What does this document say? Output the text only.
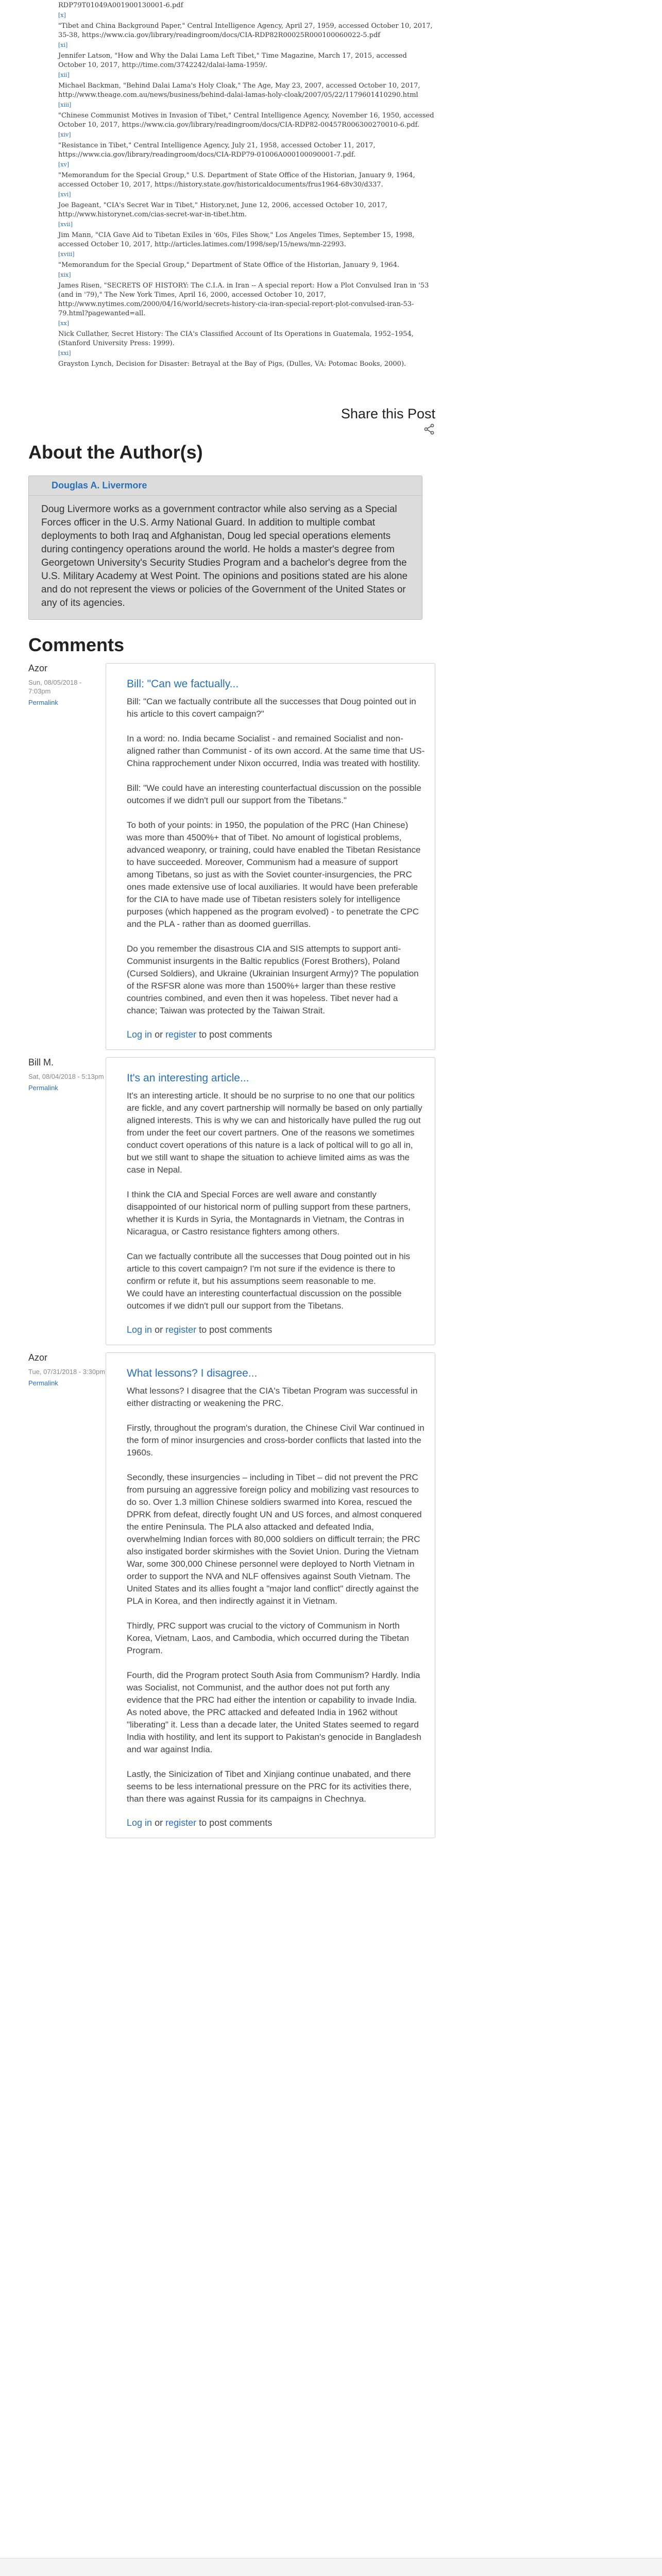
RDP79T01049A001900130001-6.pdf
[x]
"Tibet and China Background Paper," Central Intelligence Agency, April 27, 1959, accessed October 10, 2017, 35-38, https://www.cia.gov/library/readingroom/docs/CIA-RDP82R00025R000100060022-5.pdf
[xi]
Jennifer Latson, "How and Why the Dalai Lama Left Tibet," Time Magazine, March 17, 2015, accessed October 10, 2017, http://time.com/3742242/dalai-lama-1959/.
[xii]
Michael Backman, "Behind Dalai Lama's Holy Cloak," The Age, May 23, 2007, accessed October 10, 2017, http://www.theage.com.au/news/business/behind-dalai-lamas-holy-cloak/2007/05/22/1179601410290.html
[xiii]
"Chinese Communist Motives in Invasion of Tibet," Central Intelligence Agency, November 16, 1950, accessed October 10, 2017, https://www.cia.gov/library/readingroom/docs/CIA-RDP82-00457R006300270010-6.pdf.
[xiv]
"Resistance in Tibet," Central Intelligence Agency, July 21, 1958, accessed October 11, 2017, https://www.cia.gov/library/readingroom/docs/CIA-RDP79-01006A000100090001-7.pdf.
[xv]
"Memorandum for the Special Group," U.S. Department of State Office of the Historian, January 9, 1964, accessed October 10, 2017, https://history.state.gov/historicaldocuments/frus1964-68v30/d337.
[xvi]
Joe Bageant, "CIA's Secret War in Tibet," History.net, June 12, 2006, accessed October 10, 2017, http://www.historynet.com/cias-secret-war-in-tibet.htm.
[xvii]
Jim Mann, "CIA Gave Aid to Tibetan Exiles in '60s, Files Show," Los Angeles Times, September 15, 1998, accessed October 10, 2017, http://articles.latimes.com/1998/sep/15/news/mn-22993.
[xviii]
"Memorandum for the Special Group," Department of State Office of the Historian, January 9, 1964.
[xix]
James Risen, "SECRETS OF HISTORY: The C.I.A. in Iran -- A special report: How a Plot Convulsed Iran in '53 (and in '79)," The New York Times, April 16, 2000, accessed October 10, 2017, http://www.nytimes.com/2000/04/16/world/secrets-history-cia-iran-special-report-plot-convulsed-iran-53-79.html?pagewanted=all.
[xx]
Nick Cullather, Secret History: The CIA's Classified Account of Its Operations in Guatemala, 1952–1954, (Stanford University Press: 1999).
[xxi]
Grayston Lynch, Decision for Disaster: Betrayal at the Bay of Pigs, (Dulles, VA: Potomac Books, 2000).
Share this Post
About the Author(s)
Douglas A. Livermore
Doug Livermore works as a government contractor while also serving as a Special Forces officer in the U.S. Army National Guard. In addition to multiple combat deployments to both Iraq and Afghanistan, Doug led special operations elements during contingency operations around the world. He holds a master's degree from Georgetown University's Security Studies Program and a bachelor's degree from the U.S. Military Academy at West Point. The opinions and positions stated are his alone and do not represent the views or policies of the Government of the United States or any of its agencies.
Comments
Azor
Sun, 08/05/2018 - 7:03pm
Permalink
Bill: "Can we factually...

Bill: "Can we factually contribute all the successes that Doug pointed out in his article to this covert campaign?"

In a word: no. India became Socialist - and remained Socialist and non-aligned rather than Communist - of its own accord. At the same time that US-China rapprochement under Nixon occurred, India was treated with hostility.

Bill: "We could have an interesting counterfactual discussion on the possible outcomes if we didn't pull our support from the Tibetans."

To both of your points: in 1950, the population of the PRC (Han Chinese) was more than 4500%+ that of Tibet. No amount of logistical problems, advanced weaponry, or training, could have enabled the Tibetan Resistance to have succeeded. Moreover, Communism had a measure of support among Tibetans, so just as with the Soviet counter-insurgencies, the PRC ones made extensive use of local auxiliaries. It would have been preferable for the CIA to have made use of Tibetan resisters solely for intelligence purposes (which happened as the program evolved) - to penetrate the CPC and the PLA - rather than as doomed guerrillas.

Do you remember the disastrous CIA and SIS attempts to support anti-Communist insurgents in the Baltic republics (Forest Brothers), Poland (Cursed Soldiers), and Ukraine (Ukrainian Insurgent Army)? The population of the RSFSR alone was more than 1500%+ larger than these restive countries combined, and even then it was hopeless. Tibet never had a chance; Taiwan was protected by the Taiwan Strait.

Log in or register to post comments
Bill M.
Sat, 08/04/2018 - 5:13pm
Permalink
It's an interesting article...

It's an interesting article. It should be no surprise to no one that our politics are fickle, and any covert partnership will normally be based on only partially aligned interests. This is why we can and historically have pulled the rug out from under the feet our covert partners. One of the reasons we sometimes conduct covert operations of this nature is a lack of poltical will to go all in, but we still want to shape the situation to achieve limited aims as was the case in Nepal.

I think the CIA and Special Forces are well aware and constantly disappointed of our historical norm of pulling support from these partners, whether it is Kurds in Syria, the Montagnards in Vietnam, the Contras in Nicaragua, or Castro resistance fighters among others.

Can we factually contribute all the successes that Doug pointed out in his article to this covert campaign? I'm not sure if the evidence is there to confirm or refute it, but his assumptions seem reasonable to me.
We could have an interesting counterfactual discussion on the possible outcomes if we didn't pull our support from the Tibetans.

Log in or register to post comments
Azor
Tue, 07/31/2018 - 3:30pm
Permalink
What lessons? I disagree...

What lessons? I disagree that the CIA's Tibetan Program was successful in either distracting or weakening the PRC.

Firstly, throughout the program's duration, the Chinese Civil War continued in the form of minor insurgencies and cross-border conflicts that lasted into the 1960s.

Secondly, these insurgencies – including in Tibet – did not prevent the PRC from pursuing an aggressive foreign policy and mobilizing vast resources to do so. Over 1.3 million Chinese soldiers swarmed into Korea, rescued the DPRK from defeat, directly fought UN and US forces, and almost conquered the entire Peninsula. The PLA also attacked and defeated India, overwhelming Indian forces with 80,000 soldiers on difficult terrain; the PRC also instigated border skirmishes with the Soviet Union. During the Vietnam War, some 300,000 Chinese personnel were deployed to North Vietnam in order to support the NVA and NLF offensives against South Vietnam. The United States and its allies fought a "major land conflict" directly against the PLA in Korea, and then indirectly against it in Vietnam.

Thirdly, PRC support was crucial to the victory of Communism in North Korea, Vietnam, Laos, and Cambodia, which occurred during the Tibetan Program.

Fourth, did the Program protect South Asia from Communism? Hardly. India was Socialist, not Communist, and the author does not put forth any evidence that the PRC had either the intention or capability to invade India. As noted above, the PRC attacked and defeated India in 1962 without "liberating" it. Less than a decade later, the United States seemed to regard India with hostility, and lent its support to Pakistan's genocide in Bangladesh and war against India.

Lastly, the Sinicization of Tibet and Xinjiang continue unabated, and there seems to be less international pressure on the PRC for its activities there, than there was against Russia for its campaigns in Chechnya.

Log in or register to post comments
